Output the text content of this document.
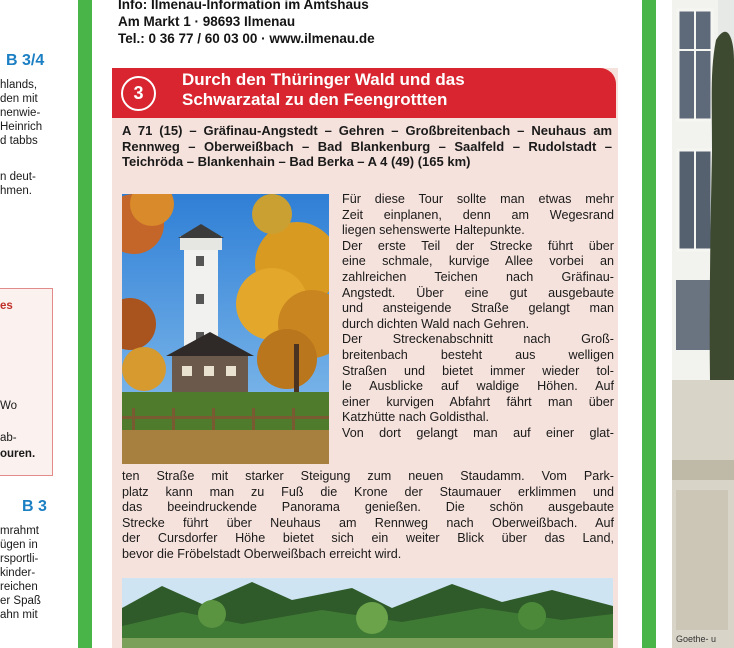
B 3/4
hlands,
den mit
nenwie-
Heinrich
d tabbs
n deut-
hmen.
es
Wo
ab-
ouren.
B 3
mrahmt
ügen in
rsportli-
kinder-
reichen
er Spaß
ahn mit
Info: Ilmenau-Information im Amtshaus
Am Markt 1 · 98693 Ilmenau
Tel.: 0 36 77 / 60 03 00 · www.ilmenau.de
3
Durch den Thüringer Wald und das
Schwarzatal zu den Feengrottten
A 71 (15) – Gräfinau-Angstedt – Gehren – Großbreitenbach – Neuhaus am Rennweg – Oberweißbach – Bad Blankenburg – Saalfeld – Rudolstadt – Teichröda – Blankenhain – Bad Berka – A 4 (49) (165 km)
Für diese Tour sollte man etwas mehr
Zeit einplanen, denn am Wegesrand
liegen sehenswerte Haltepunkte.
Der erste Teil der Strecke führt über
eine schmale, kurvige Allee vorbei an
zahlreichen Teichen nach Gräfinau-
Angstedt. Über eine gut ausgebaute
und ansteigende Straße gelangt man
durch dichten Wald nach Gehren.
Der Streckenabschnitt nach Groß-
breitenbach besteht aus welligen
Straßen und bietet immer wieder tol-
le Ausblicke auf waldige Höhen. Auf
einer kurvigen Abfahrt fährt man über
Katzhütte nach Goldisthal.
Von dort gelangt man auf einer glat-
ten Straße mit starker Steigung zum neuen Staudamm. Vom Park-
platz kann man zu Fuß die Krone der Staumauer erklimmen und
das beeindruckende Panorama genießen. Die schön ausgebaute
Strecke führt über Neuhaus am Rennweg nach Oberweißbach. Auf
der Cursdorfer Höhe bietet sich ein weiter Blick über das Land,
bevor die Fröbelstadt Oberweißbach erreicht wird.
Goethe- u
